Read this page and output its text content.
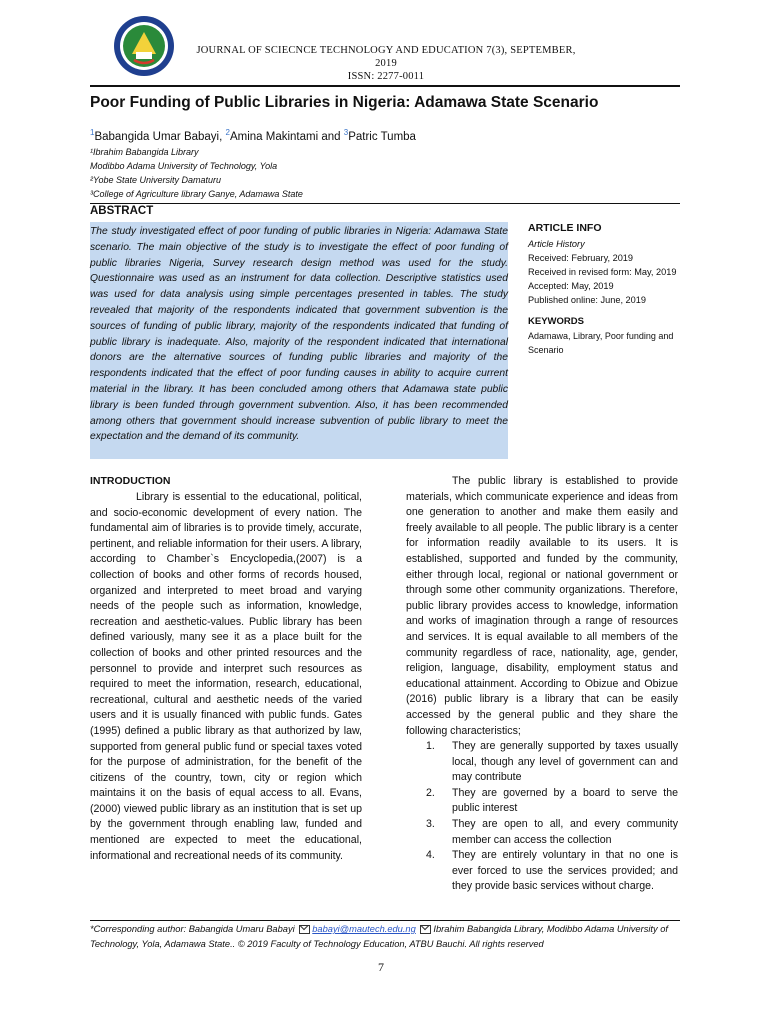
JOURNAL OF SCIECNCE TECHNOLOGY AND EDUCATION 7(3), SEPTEMBER, 2019
ISSN: 2277-0011
Poor Funding of Public Libraries in Nigeria: Adamawa State Scenario
$^1$Babangida Umar Babayi, $^2$Amina Makintami and $^3$Patric Tumba
¹Ibrahim Babangida Library
Modibbo Adama University of Technology, Yola
²Yobe State University Damaturu
³College of Agriculture library Ganye, Adamawa State
ABSTRACT

The study investigated effect of poor funding of public libraries in Nigeria: Adamawa State scenario. The main objective of the study is to investigate the effect of poor funding of public libraries Nigeria, Survey research design method was used for the study. Questionnaire was used as an instrument for data collection. Descriptive statistics used was used for data analysis using simple percentages presented in tables. The study revealed that majority of the respondents indicated that government subvention is the sources of funding of public library, majority of the respondents indicated that funding of public library is inadequate. Also, majority of the respondent indicated that international donors are the alternative sources of funding public libraries and majority of the respondents indicated that the effect of poor funding causes in ability to acquire current material in the library. It has been concluded among others that Adamawa state public library is been funded through government subvention. Also, it has been recommended among others that government should increase subvention of public library to meet the expectation and the demand of its community.

ARTICLE INFO
Article History
Received: February, 2019
Received in revised form: May, 2019
Accepted: May, 2019
Published online: June, 2019
KEYWORDS
Adamawa, Library, Poor funding and Scenario
INTRODUCTION

Library is essential to the educational, political, and socio-economic development of every nation. The fundamental aim of libraries is to provide timely, accurate, pertinent, and reliable information for their users. A library, according to Chamber`s Encyclopedia,(2007) is a collection of books and other forms of records housed, organized and interpreted to meet broad and varying needs of the people such as information, knowledge, recreation and aesthetic-values. Public library has been defined variously, many see it as a place built for the collection of books and other printed resources and the personnel to provide and interpret such resources as required to meet the information, research, educational, recreational, cultural and aesthetic needs of the varied users and it is usually financed with public funds. Gates (1995) defined a public library as that authorized by law, supported from general public fund or special taxes voted for the purpose of administration, for the benefit of the citizens of the country, town, city or region which maintains it on the basis of equal access to all. Evans, (2000) viewed public library as an institution that is set up by the government through enabling law, funded and mentioned are expected to meet the educational, informational and recreational needs of its community.

The public library is established to provide materials, which communicate experience and ideas from one generation to another and make them easily and freely available to all people. The public library is a center for information readily available to its users. It is established, supported and funded by the community, either through local, regional or national government or through some other community organizations. Therefore, public library provides access to knowledge, information and works of imagination through a range of resources and services. It is equal available to all members of the community regardless of race, nationality, age, gender, religion, language, disability, employment status and educational attainment. According to Obizue and Obizue (2016) public library is a library that can be easily accessed by the general public and they share the following characteristics;

1. They are generally supported by taxes usually local, though any level of government can and may contribute
2. They are governed by a board to serve the public interest
3. They are open to all, and every community member can access the collection
4. They are entirely voluntary in that no one is ever forced to use the services provided; and they provide basic services without charge.
*Corresponding author: Babangida Umaru Babayi babayi@mautech.edu.ng Ibrahim Babangida Library, Modibbo Adama University of Technology, Yola, Adamawa State.. © 2019 Faculty of Technology Education, ATBU Bauchi. All rights reserved
7
